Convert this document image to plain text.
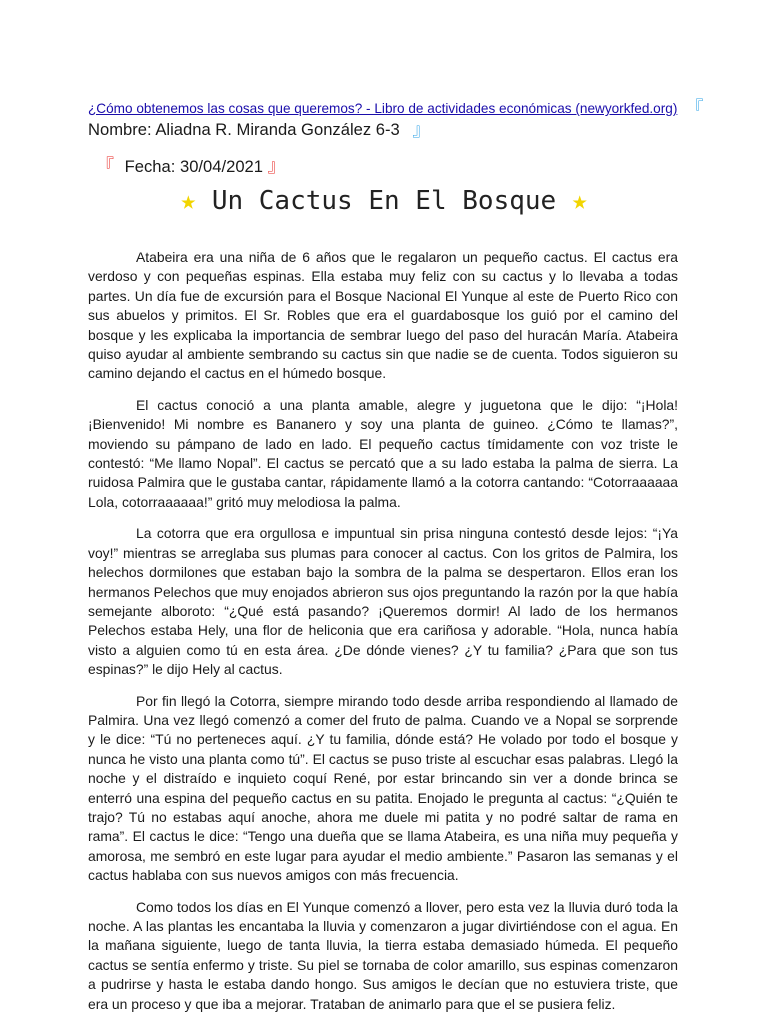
¿Cómo obtenemos las cosas que queremos? - Libro de actividades económicas (newyorkfed.org) 『
Nombre: Aliadna R. Miranda González 6-3 』
『 Fecha: 30/04/2021 』
★ Un Cactus En El Bosque ★

Atabeira era una niña de 6 años que le regalaron un pequeño cactus. El cactus era verdoso y con pequeñas espinas. Ella estaba muy feliz con su cactus y lo llevaba a todas partes. Un día fue de excursión para el Bosque Nacional El Yunque al este de Puerto Rico con sus abuelos y primitos. El Sr. Robles que era el guardabosque los guió por el camino del bosque y les explicaba la importancia de sembrar luego del paso del huracán María. Atabeira quiso ayudar al ambiente sembrando su cactus sin que nadie se de cuenta. Todos siguieron su camino dejando el cactus en el húmedo bosque.

El cactus conoció a una planta amable, alegre y juguetona que le dijo: “¡Hola! ¡Bienvenido! Mi nombre es Bananero y soy una planta de guineo. ¿Cómo te llamas?”, moviendo su pámpano de lado en lado. El pequeño cactus tímidamente con voz triste le contestó: “Me llamo Nopal”. El cactus se percató que a su lado estaba la palma de sierra. La ruidosa Palmira que le gustaba cantar, rápidamente llamó a la cotorra cantando: “Cotorraaaaaa Lola, cotorraaaaaa!” gritó muy melodiosa la palma.

La cotorra que era orgullosa e impuntual sin prisa ninguna contestó desde lejos: “¡Ya voy!” mientras se arreglaba sus plumas para conocer al cactus. Con los gritos de Palmira, los helechos dormilones que estaban bajo la sombra de la palma se despertaron. Ellos eran los hermanos Pelechos que muy enojados abrieron sus ojos preguntando la razón por la que había semejante alboroto: “¿Qué está pasando? ¡Queremos dormir! Al lado de los hermanos Pelechos estaba Hely, una flor de heliconia que era cariñosa y adorable. “Hola, nunca había visto a alguien como tú en esta área. ¿De dónde vienes? ¿Y tu familia? ¿Para que son tus espinas?” le dijo Hely al cactus.

Por fin llegó la Cotorra, siempre mirando todo desde arriba respondiendo al llamado de Palmira. Una vez llegó comenzó a comer del fruto de palma. Cuando ve a Nopal se sorprende y le dice: “Tú no perteneces aquí. ¿Y tu familia, dónde está? He volado por todo el bosque y nunca he visto una planta como tú”. El cactus se puso triste al escuchar esas palabras. Llegó la noche y el distraído e inquieto coquí René, por estar brincando sin ver a donde brinca se enterró una espina del pequeño cactus en su patita. Enojado le pregunta al cactus: “¿Quién te trajo? Tú no estabas aquí anoche, ahora me duele mi patita y no podré saltar de rama en rama”. El cactus le dice: “Tengo una dueña que se llama Atabeira, es una niña muy pequeña y amorosa, me sembró en este lugar para ayudar el medio ambiente.” Pasaron las semanas y el cactus hablaba con sus nuevos amigos con más frecuencia.

Como todos los días en El Yunque comenzó a llover, pero esta vez la lluvia duró toda la noche. A las plantas les encantaba la lluvia y comenzaron a jugar divirtiéndose con el agua. En la mañana siguiente, luego de tanta lluvia, la tierra estaba demasiado húmeda. El pequeño cactus se sentía enfermo y triste. Su piel se tornaba de color amarillo, sus espinas comenzaron a pudrirse y hasta le estaba dando hongo. Sus amigos le decían que no estuviera triste, que era un proceso y que iba a mejorar. Trataban de animarlo para que el se pusiera feliz.
